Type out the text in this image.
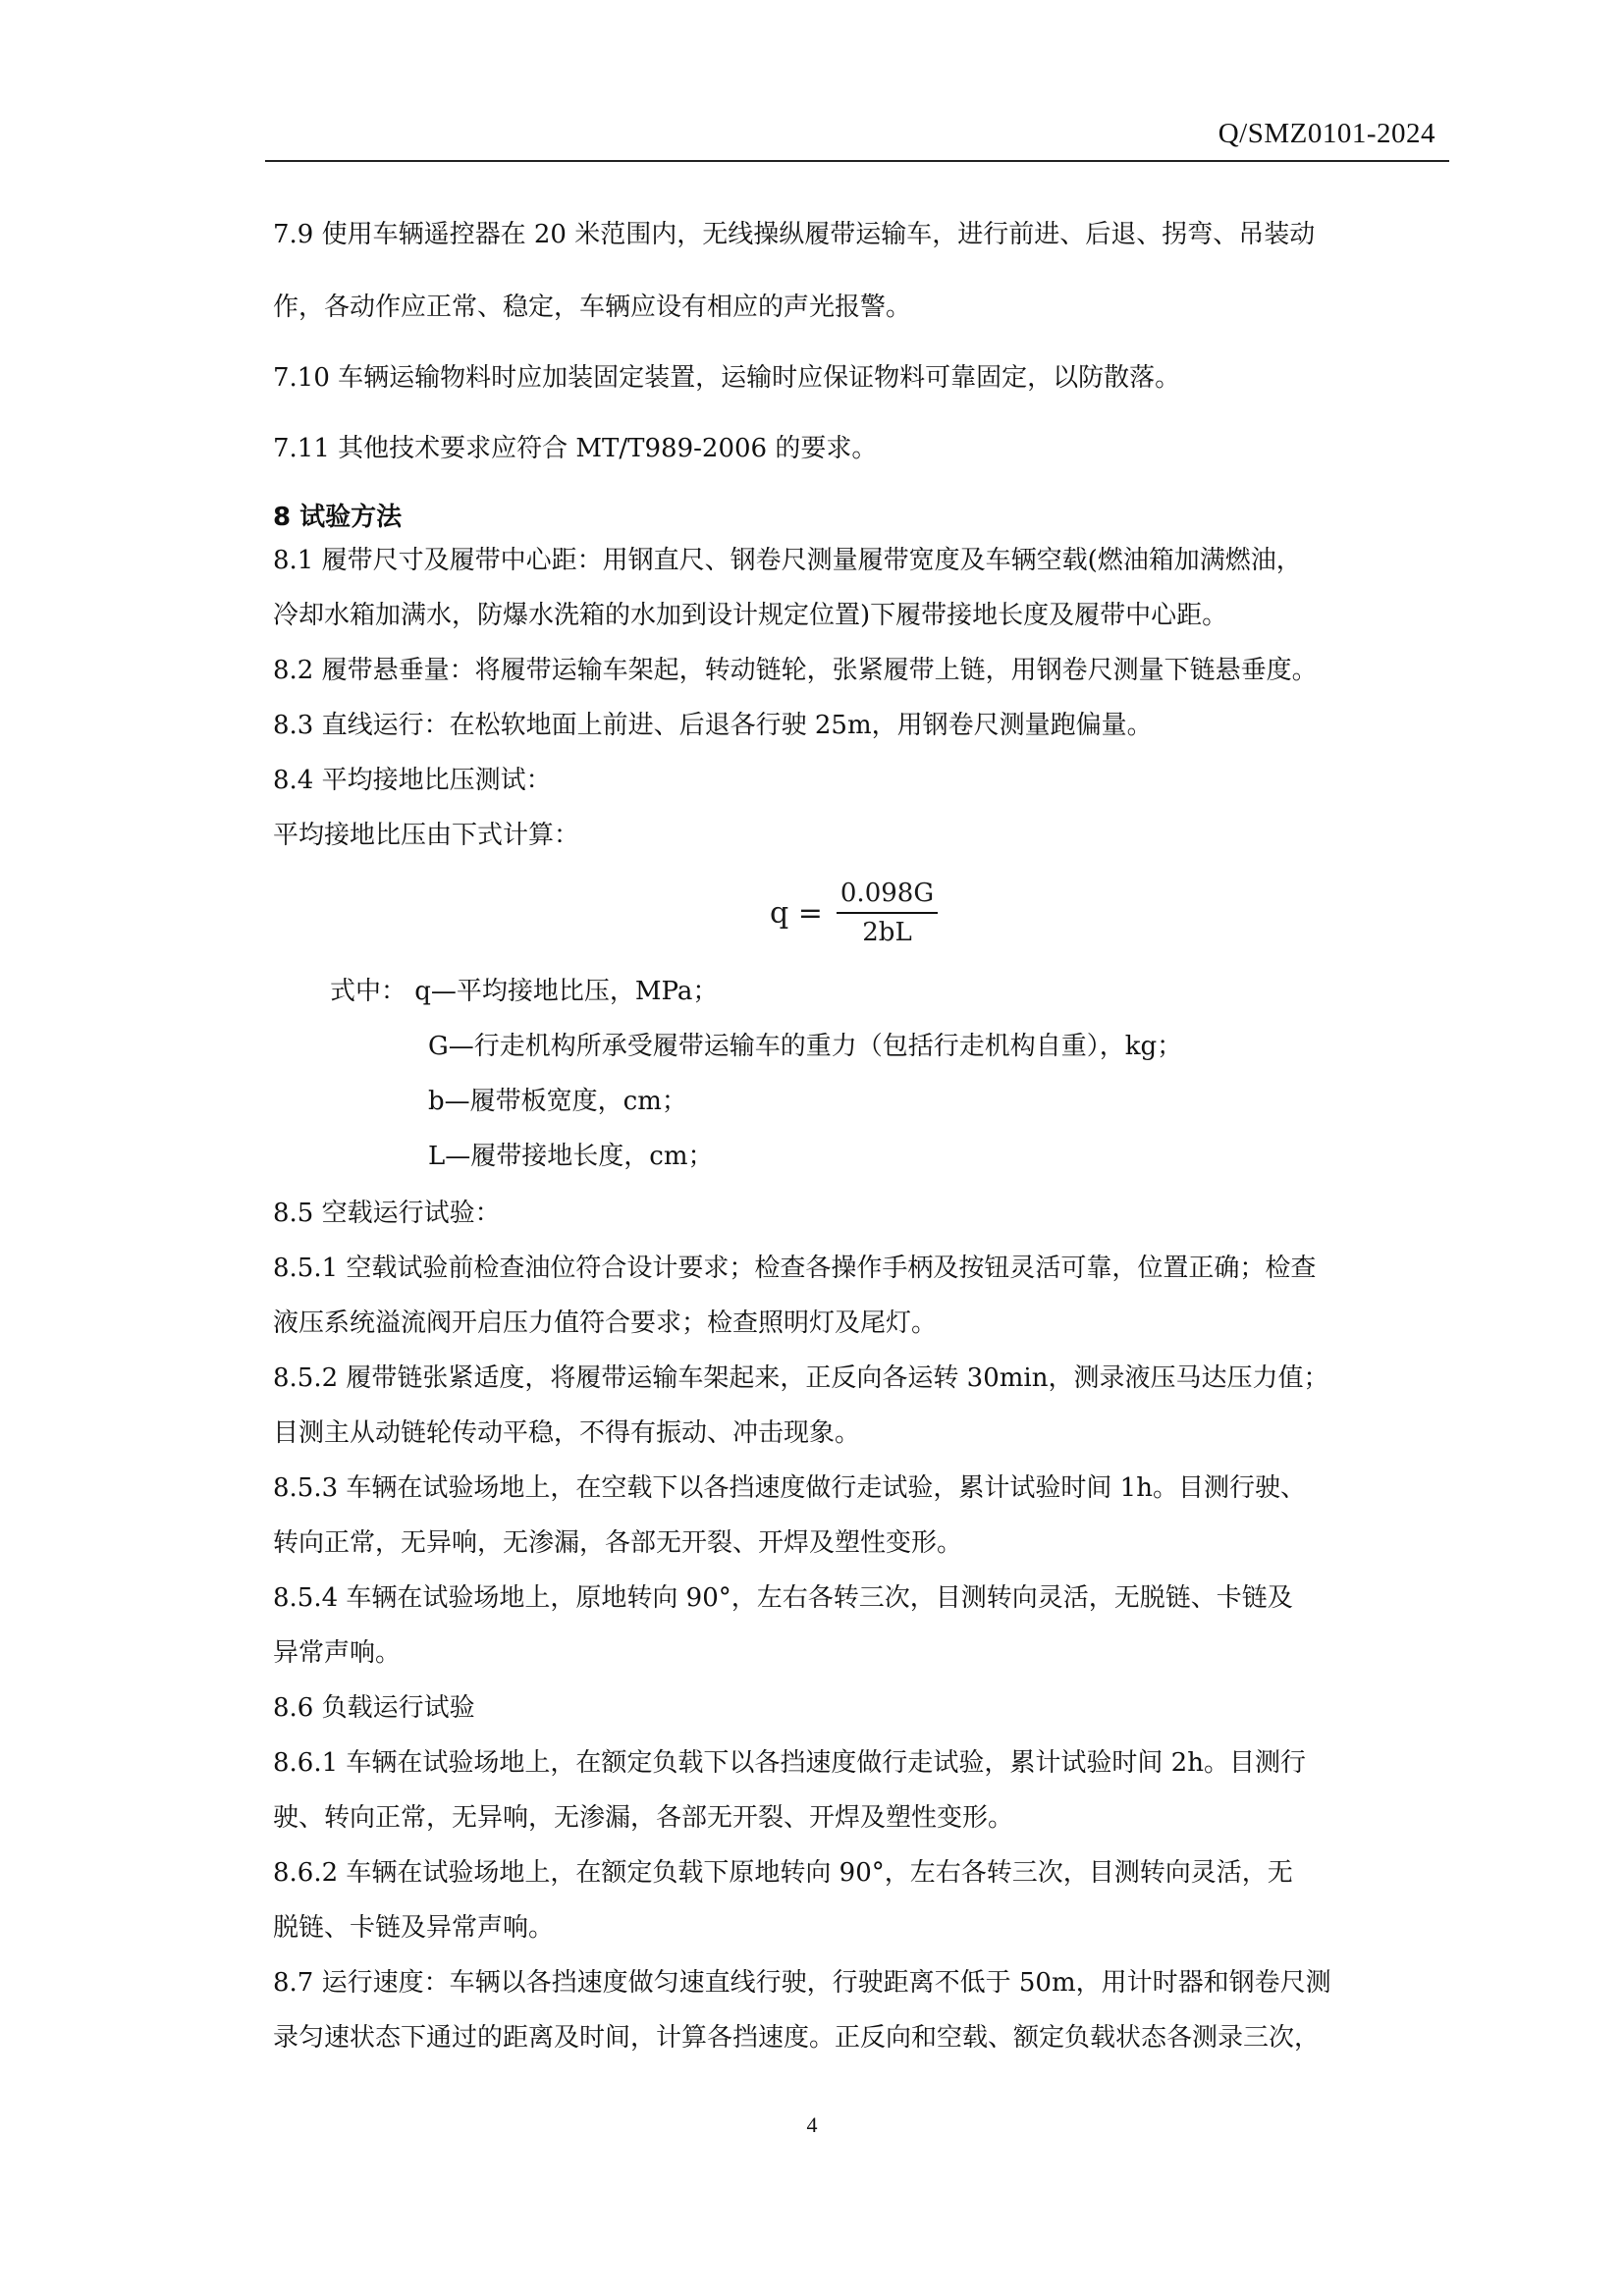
Q/SMZ0101-2024
7.9 使用车辆遥控器在 20 米范围内，无线操纵履带运输车，进行前进、后退、拐弯、吊装动
作，各动作应正常、稳定，车辆应设有相应的声光报警。
7.10 车辆运输物料时应加装固定装置，运输时应保证物料可靠固定，以防散落。
7.11 其他技术要求应符合 MT/T989-2006 的要求。
8 试验方法
8.1 履带尺寸及履带中心距：用钢直尺、钢卷尺测量履带宽度及车辆空载(燃油箱加满燃油，
冷却水箱加满水，防爆水洗箱的水加到设计规定位置)下履带接地长度及履带中心距。
8.2 履带悬垂量：将履带运输车架起，转动链轮，张紧履带上链，用钢卷尺测量下链悬垂度。
8.3 直线运行：在松软地面上前进、后退各行驶 25m，用钢卷尺测量跑偏量。
8.4 平均接地比压测试：
平均接地比压由下式计算：
式中： q—平均接地比压，MPa；
G—行走机构所承受履带运输车的重力（包括行走机构自重），kg；
b—履带板宽度，cm；
L—履带接地长度，cm；
8.5 空载运行试验：
8.5.1 空载试验前检查油位符合设计要求；检查各操作手柄及按钮灵活可靠，位置正确；检查
液压系统溢流阀开启压力值符合要求；检查照明灯及尾灯。
8.5.2 履带链张紧适度，将履带运输车架起来，正反向各运转 30min，测录液压马达压力值；
目测主从动链轮传动平稳，不得有振动、冲击现象。
8.5.3 车辆在试验场地上，在空载下以各挡速度做行走试验，累计试验时间 1h。目测行驶、
转向正常，无异响，无渗漏，各部无开裂、开焊及塑性变形。
8.5.4 车辆在试验场地上，原地转向 90°，左右各转三次，目测转向灵活，无脱链、卡链及
异常声响。
8.6 负载运行试验
8.6.1 车辆在试验场地上，在额定负载下以各挡速度做行走试验，累计试验时间 2h。目测行
驶、转向正常，无异响，无渗漏，各部无开裂、开焊及塑性变形。
8.6.2 车辆在试验场地上，在额定负载下原地转向 90°，左右各转三次，目测转向灵活，无
脱链、卡链及异常声响。
8.7 运行速度：车辆以各挡速度做匀速直线行驶，行驶距离不低于 50m，用计时器和钢卷尺测
录匀速状态下通过的距离及时间，计算各挡速度。正反向和空载、额定负载状态各测录三次，
$q = \frac{0.098G}{2bL}$
4
